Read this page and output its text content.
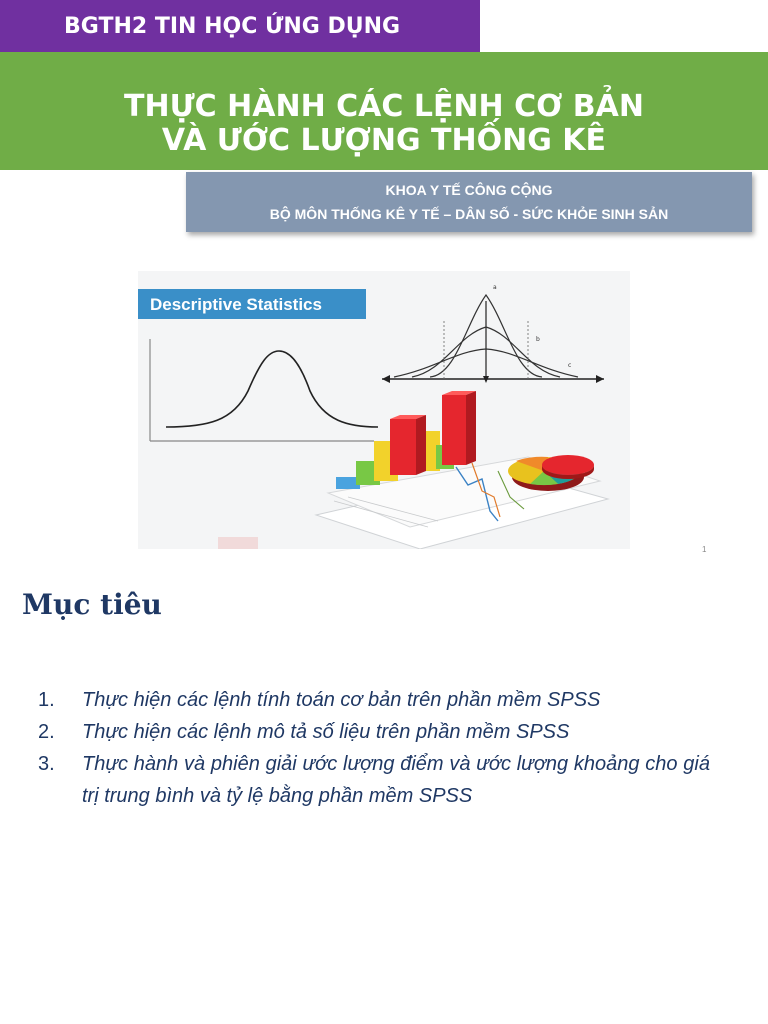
BGTH2 TIN HỌC ỨNG DỤNG
THỰC HÀNH CÁC LỆNH CƠ BẢN
VÀ ƯỚC LƯỢNG THỐNG KÊ
KHOA Y TẾ CÔNG CỘNG
BỘ MÔN THỐNG KÊ Y TẾ – DÂN SỐ - SỨC KHỎE SINH SẢN
Descriptive Statistics
a
b
c
1
Mục tiêu
1.	Thực hiện các lệnh tính toán cơ bản trên phần mềm SPSS
2.	Thực hiện các lệnh mô tả số liệu trên phần mềm SPSS
3.	Thực hành và phiên giải ước lượng điểm và ước lượng khoảng cho giá trị trung bình và tỷ lệ bằng phần mềm SPSS
